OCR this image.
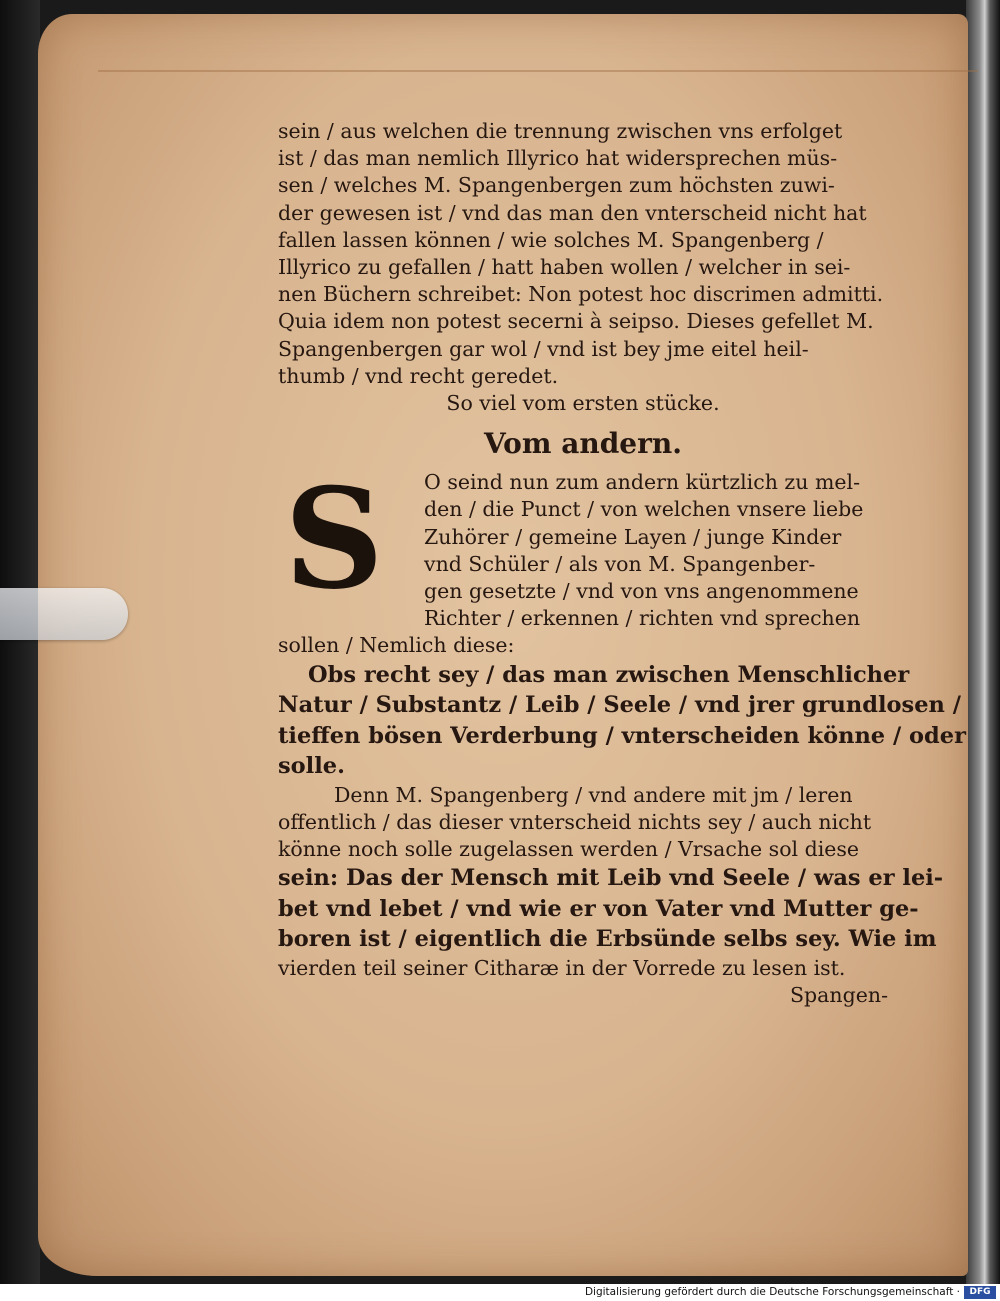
sein / aus welchen die trennung zwischen vns erfolget
ist / das man nemlich Illyrico hat widersprechen müs-
sen / welches M. Spangenbergen zum höchsten zuwi-
der gewesen ist / vnd das man den vnterscheid nicht hat
fallen lassen können / wie solches M. Spangenberg /
Illyrico zu gefallen / hatt haben wollen / welcher in sei-
nen Büchern schreibet: Non potest hoc discrimen admitti.
Quia idem non potest secerni à seipso. Dieses gefellet M.
Spangenbergen gar wol / vnd ist bey jme eitel heil-
thumb / vnd recht geredet.
So viel vom ersten stücke.
Vom andern.
S	O seind nun zum andern kürtzlich zu mel-
den / die Punct / von welchen vnsere liebe
Zuhörer / gemeine Layen / junge Kinder
vnd Schüler / als von M. Spangenber-
gen gesetzte / vnd von vns angenommene
Richter / erkennen / richten vnd sprechen
sollen / Nemlich diese:
Obs recht sey / das man zwischen Menschlicher
Natur / Substantz / Leib / Seele / vnd jrer grundlosen /
tieffen bösen Verderbung / vnterscheiden könne / oder
solle.
Denn M. Spangenberg / vnd andere mit jm / leren
offentlich / das dieser vnterscheid nichts sey / auch nicht
könne noch solle zugelassen werden / Vrsache sol diese
sein: Das der Mensch mit Leib vnd Seele / was er lei-
bet vnd lebet / vnd wie er von Vater vnd Mutter ge-
boren ist / eigentlich die Erbsünde selbs sey. Wie im
vierden teil seiner Citharæ in der Vorrede zu lesen ist.
Spangen-
Digitalisierung gefördert durch die Deutsche Forschungsgemeinschaft ·	DFG
